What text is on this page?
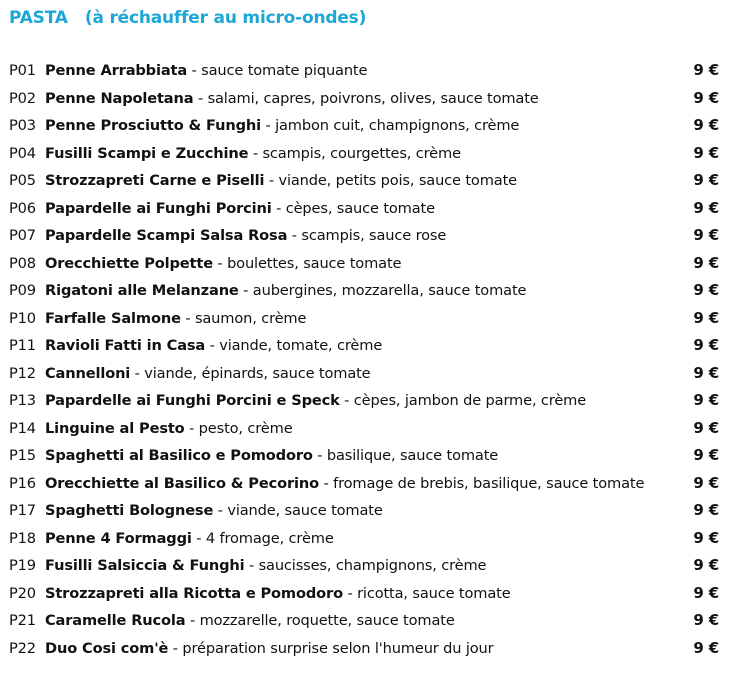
PASTA (à réchauffer au micro-ondes)
P01 Penne Arrabbiata - sauce tomate piquante	9 €
P02 Penne Napoletana - salami, capres, poivrons, olives, sauce tomate	9 €
P03 Penne Prosciutto & Funghi - jambon cuit, champignons, crème	9 €
P04 Fusilli Scampi e Zucchine - scampis, courgettes, crème	9 €
P05 Strozzapreti Carne e Piselli - viande, petits pois, sauce tomate	9 €
P06 Papardelle ai Funghi Porcini - cèpes, sauce tomate	9 €
P07 Papardelle Scampi Salsa Rosa - scampis, sauce rose	9 €
P08 Orecchiette Polpette - boulettes, sauce tomate	9 €
P09 Rigatoni alle Melanzane - aubergines, mozzarella, sauce tomate	9 €
P10 Farfalle Salmone - saumon, crème	9 €
P11 Ravioli Fatti in Casa - viande, tomate, crème	9 €
P12 Cannelloni - viande, épinards, sauce tomate	9 €
P13 Papardelle ai Funghi Porcini e Speck - cèpes, jambon de parme, crème	9 €
P14 Linguine al Pesto - pesto, crème	9 €
P15 Spaghetti al Basilico e Pomodoro - basilique, sauce tomate	9 €
P16 Orecchiette al Basilico & Pecorino - fromage de brebis, basilique, sauce tomate	9 €
P17 Spaghetti Bolognese - viande, sauce tomate	9 €
P18 Penne 4 Formaggi - 4 fromage, crème	9 €
P19 Fusilli Salsiccia & Funghi - saucisses, champignons, crème	9 €
P20 Strozzapreti alla Ricotta e Pomodoro - ricotta, sauce tomate	9 €
P21 Caramelle Rucola - mozzarelle, roquette, sauce tomate	9 €
P22 Duo Cosi com'è - préparation surprise selon l'humeur du jour	9 €
